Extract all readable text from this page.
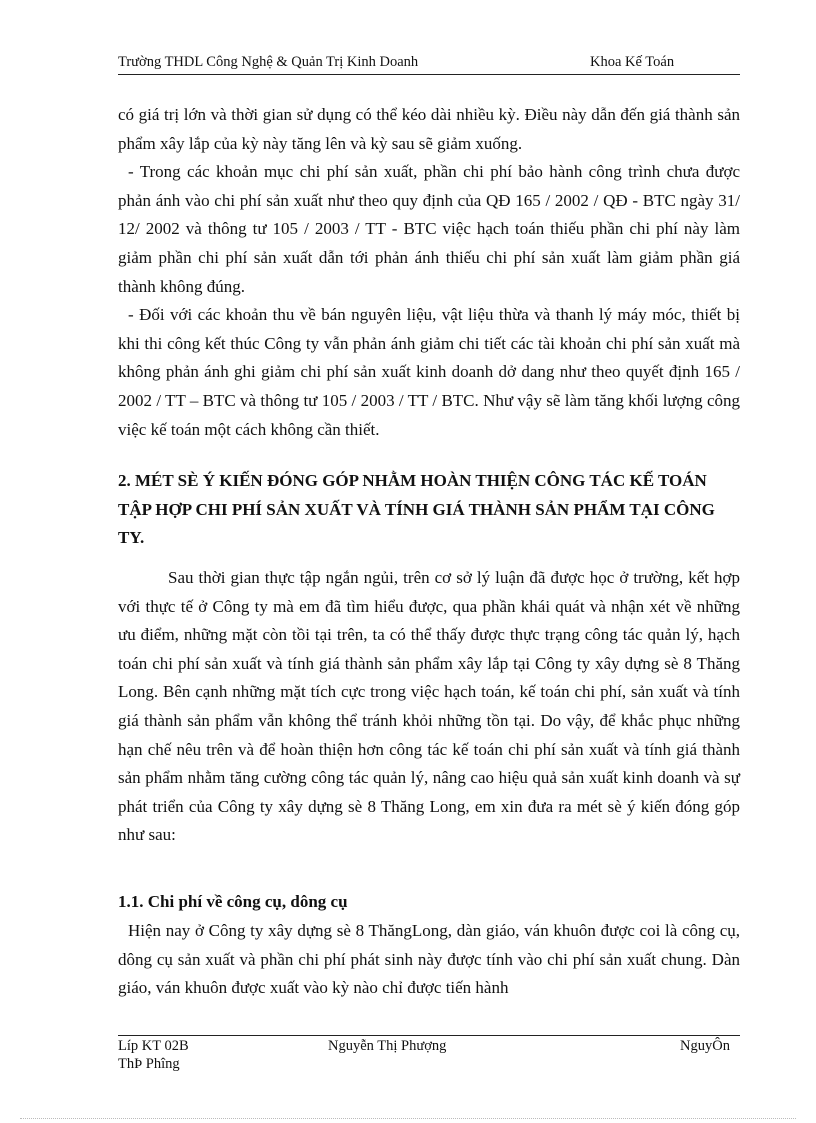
Trường THDL Công Nghệ & Quản Trị Kinh Doanh	Khoa Kế Toán

có giá trị lớn và thời gian sử dụng có thể kéo dài nhiều kỳ. Điều này dẫn đến giá thành sản phẩm xây lắp của kỳ này tăng lên và kỳ sau sẽ giảm xuống.

- Trong các khoản mục chi phí sản xuất, phần chi phí bảo hành công trình chưa được phản ánh vào chi phí sản xuất như theo quy định của QĐ 165 / 2002 / QĐ - BTC ngày 31/ 12/ 2002 và thông tư 105 / 2003 / TT - BTC việc hạch toán thiếu phần chi phí này làm giảm phần chi phí sản xuất dẫn tới phản ánh thiếu chi phí sản xuất làm giảm phần giá thành không đúng.

- Đối với các khoản thu về bán nguyên liệu, vật liệu thừa và thanh lý máy móc, thiết bị khi thi công kết thúc Công ty vẫn phản ánh giảm chi tiết các tài khoản chi phí sản xuất mà không phản ánh ghi giảm chi phí sản xuất kinh doanh dở dang như theo quyết định 165 / 2002 / TT – BTC và thông tư 105 / 2003 / TT / BTC. Như vậy sẽ làm tăng khối lượng công việc kế toán một cách không cần thiết.

2. MÉT SÈ Ý KIẾN ĐÓNG GÓP NHẰM HOÀN THIỆN CÔNG TÁC KẾ TOÁN TẬP HỢP CHI PHÍ SẢN XUẤT VÀ TÍNH GIÁ THÀNH SẢN PHẨM TẠI CÔNG TY.

Sau thời gian thực tập ngắn ngủi, trên cơ sở lý luận đã được học ở trường, kết hợp với thực tế ở Công ty mà em đã tìm hiểu được, qua phần khái quát và nhận xét về những ưu điểm, những mặt còn tồi tại trên, ta có thể thấy được thực trạng công tác quản lý, hạch toán chi phí sản xuất và tính giá thành sản phẩm xây lắp tại Công ty xây dựng sè 8 Thăng Long. Bên cạnh những mặt tích cực trong việc hạch toán, kế toán chi phí, sản xuất và tính giá thành sản phẩm vẫn không thể tránh khỏi những tồn tại. Do vậy, để khắc phục những hạn chế nêu trên và để hoàn thiện hơn công tác kế toán chi phí sản xuất và tính giá thành sản phẩm nhằm tăng cường công tác quản lý, nâng cao hiệu quả sản xuất kinh doanh và sự phát triển của Công ty xây dựng sè 8 Thăng Long, em xin đưa ra mét sè ý kiến đóng góp như sau:

1.1. Chi phí về công cụ, dông cụ

Hiện nay ở Công ty xây dựng sè 8 ThăngLong, dàn giáo, ván khuôn được coi là công cụ, dông cụ sản xuất và phần chi phí phát sinh này được tính vào chi phí sản xuất chung. Dàn giáo, ván khuôn được xuất vào kỳ nào chỉ được tiến hành

Líp KT 02B	Nguyễn Thị Phượng	NguyÔn
ThÞ Phîng
